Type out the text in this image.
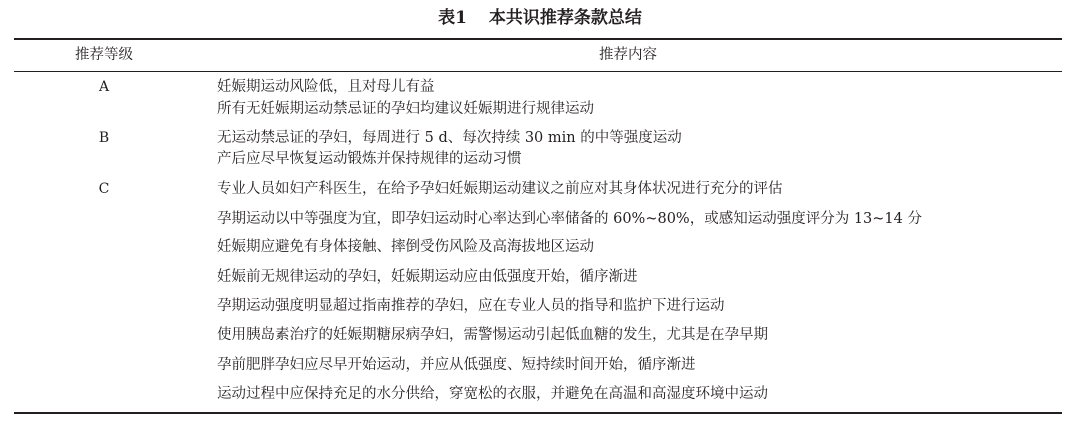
表1 本共识推荐条款总结
推荐等级	推荐内容
A	妊娠期运动风险低，且对母儿有益
所有无妊娠期运动禁忌证的孕妇均建议妊娠期进行规律运动
B	无运动禁忌证的孕妇，每周进行 5 d、每次持续 30 min 的中等强度运动
产后应尽早恢复运动锻炼并保持规律的运动习惯
C	专业人员如妇产科医生，在给予孕妇妊娠期运动建议之前应对其身体状况进行充分的评估
孕期运动以中等强度为宜，即孕妇运动时心率达到心率储备的 60%~80%，或感知运动强度评分为 13~14 分
妊娠期应避免有身体接触、摔倒受伤风险及高海拔地区运动
妊娠前无规律运动的孕妇，妊娠期运动应由低强度开始，循序渐进
孕期运动强度明显超过指南推荐的孕妇，应在专业人员的指导和监护下进行运动
使用胰岛素治疗的妊娠期糖尿病孕妇，需警惕运动引起低血糖的发生，尤其是在孕早期
孕前肥胖孕妇应尽早开始运动，并应从低强度、短持续时间开始，循序渐进
运动过程中应保持充足的水分供给，穿宽松的衣服，并避免在高温和高湿度环境中运动
